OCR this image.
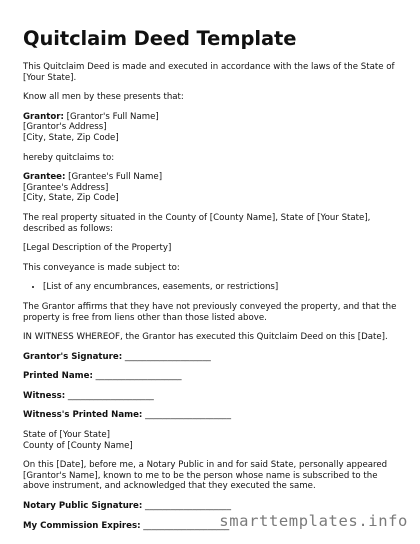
Quitclaim Deed Template

This Quitclaim Deed is made and executed in accordance with the laws of the State of [Your State].

Know all men by these presents that:

Grantor: [Grantor's Full Name]
[Grantor's Address]
[City, State, Zip Code]

hereby quitclaims to:

Grantee: [Grantee's Full Name]
[Grantee's Address]
[City, State, Zip Code]

The real property situated in the County of [County Name], State of [Your State], described as follows:

[Legal Description of the Property]

This conveyance is made subject to:

• [List of any encumbrances, easements, or restrictions]

The Grantor affirms that they have not previously conveyed the property, and that the property is free from liens other than those listed above.

IN WITNESS WHEREOF, the Grantor has executed this Quitclaim Deed on this [Date].

Grantor's Signature: ____________________
Printed Name: ____________________
Witness: ____________________
Witness's Printed Name: ____________________
State of [Your State]
County of [County Name]

On this [Date], before me, a Notary Public in and for said State, personally appeared [Grantor's Name], known to me to be the person whose name is subscribed to the above instrument, and acknowledged that they executed the same.

Notary Public Signature: ____________________
My Commission Expires: ____________________
smarttemplates.info
